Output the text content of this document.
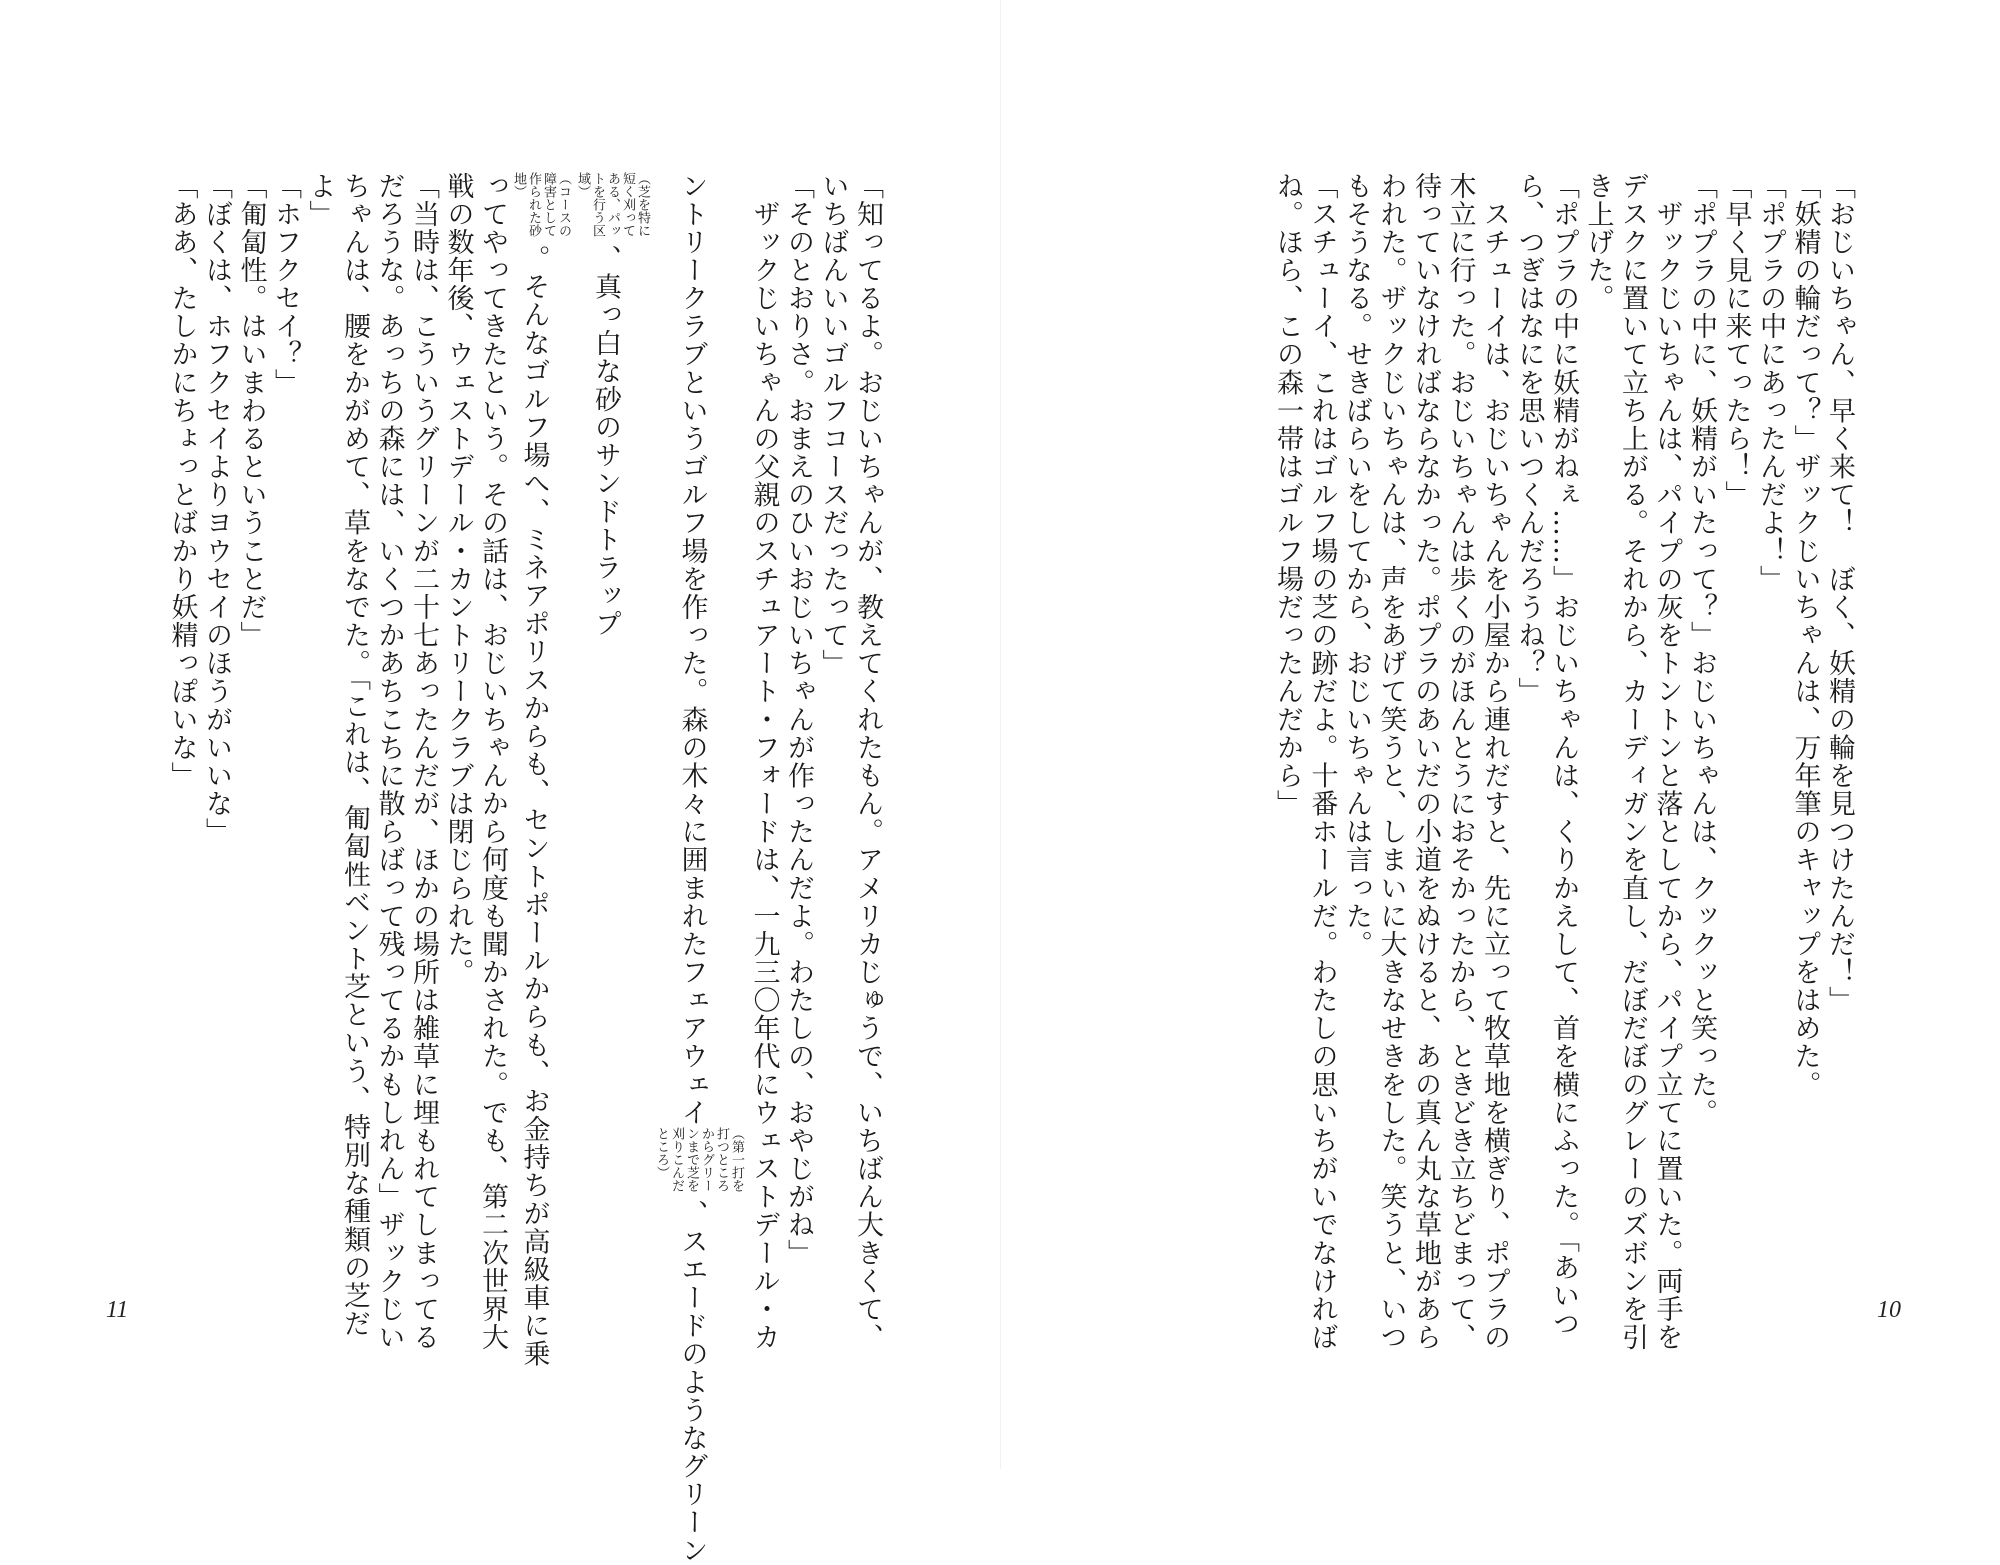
「おじいちゃん、早く来て！　ぼく、妖精の輪を見つけたんだ！」
「妖精の輪だって？」ザックじいちゃんは、万年筆のキャップをはめた。
「ポプラの中にあったんだよ！」
「早く見に来てったら！」
「ポプラの中に、妖精がいたって？」おじいちゃんは、クックッと笑った。
　ザックじいちゃんは、パイプの灰をトントンと落としてから、パイプ立てに置いた。両手を
デスクに置いて立ち上がる。それから、カーディガンを直し、だぼだぼのグレーのズボンを引
き上げた。
「ポプラの中に妖精がねぇ……」おじいちゃんは、くりかえして、首を横にふった。「あいつ
ら、つぎはなにを思いつくんだろうね？」
　スチューイは、おじいちゃんを小屋から連れだすと、先に立って牧草地を横ぎり、ポプラの
木立に行った。おじいちゃんは歩くのがほんとうにおそかったから、ときどき立ちどまって、
待っていなければならなかった。ポプラのあいだの小道をぬけると、あの真ん丸な草地があら
われた。ザックじいちゃんは、声をあげて笑うと、しまいに大きなせきをした。笑うと、いつ
もそうなる。せきばらいをしてから、おじいちゃんは言った。
「スチューイ、これはゴルフ場の芝の跡だよ。十番ホールだ。わたしの思いちがいでなければ
ね。ほら、この森一帯はゴルフ場だったんだから」
10
「知ってるよ。おじいちゃんが、教えてくれたもん。アメリカじゅうで、いちばん大きくて、
いちばんいいゴルフコースだったって」
「そのとおりさ。おまえのひいおじいちゃんが作ったんだよ。わたしの、おやじがね」
　ザックじいちゃんの父親のスチュアート・フォードは、一九三〇年代にウェストデール・カ
ントリークラブというゴルフ場を作った。森の木々に囲まれたフェアウェイ（第一打を打つところからグリーンまで芝を刈りこんだところ）、スエードのようなグリーン
（芝を特に短く刈ってある、パットを行う区域）、真っ白な砂のサンドトラップ
（コースの障害として作られた砂地）。そんなゴルフ場へ、ミネアポリスからも、セントポールからも、お金持ちが高級車に乗
ってやってきたという。その話は、おじいちゃんから何度も聞かされた。でも、第二次世界大
戦の数年後、ウェストデール・カントリークラブは閉じられた。
「当時は、こういうグリーンが二十七あったんだが、ほかの場所は雑草に埋もれてしまってる
だろうな。あっちの森には、いくつかあちこちに散らばって残ってるかもしれん」ザックじい
ちゃんは、腰をかがめて、草をなでた。「これは、匍匐性ベント芝という、特別な種類の芝だ
よ」
「ホフクセイ？」
「匍匐性。はいまわるということだ」
「ぼくは、ホフクセイよりヨウセイのほうがいいな」
「ああ、たしかにちょっとばかり妖精っぽいな」
11
